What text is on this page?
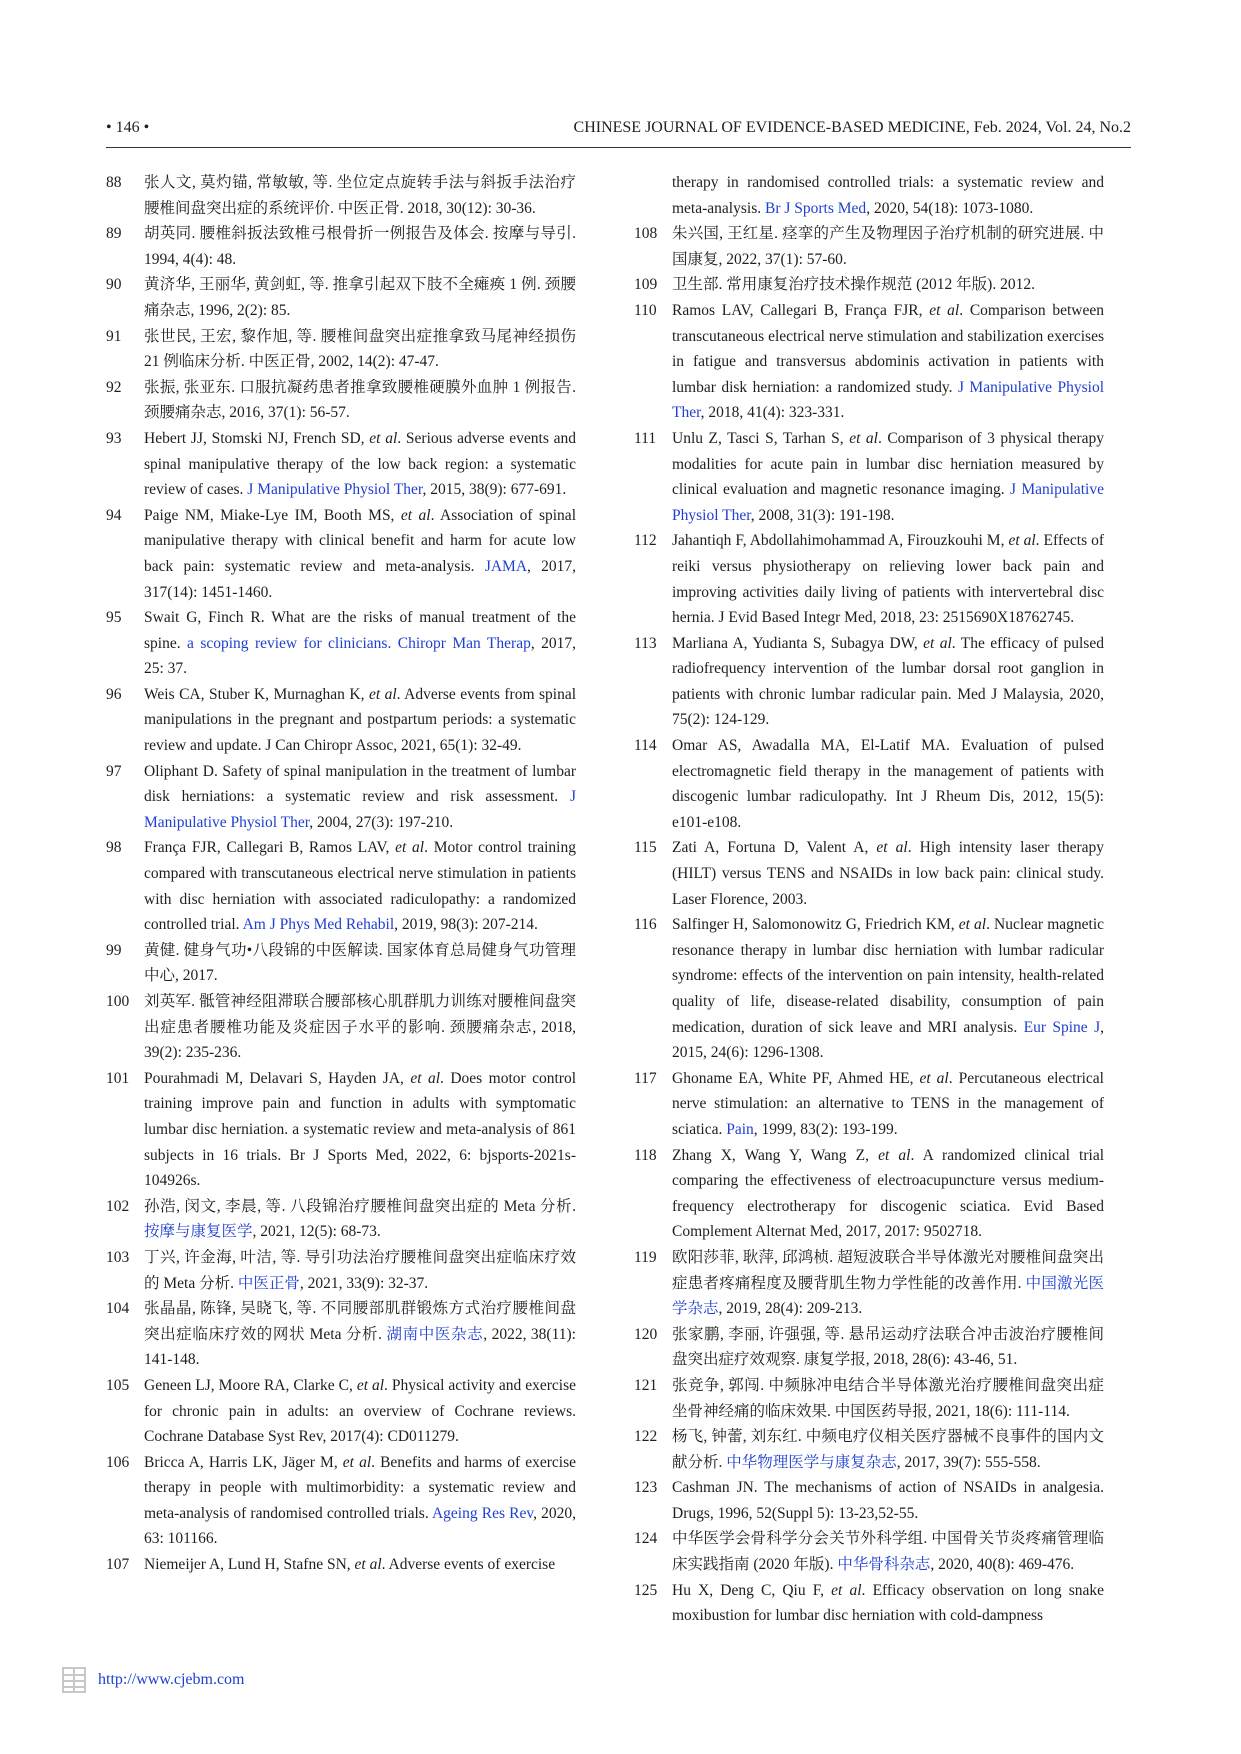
• 146 •	CHINESE JOURNAL OF EVIDENCE-BASED MEDICINE, Feb. 2024, Vol. 24, No.2
88 张人文, 莫灼锚, 常敏敏, 等. 坐位定点旋转手法与斜扳手法治疗腰椎间盘突出症的系统评价. 中医正骨. 2018, 30(12): 30-36.
89 胡英同. 腰椎斜扳法致椎弓根骨折一例报告及体会. 按摩与导引. 1994, 4(4): 48.
90 黄济华, 王丽华, 黄剑虹, 等. 推拿引起双下肢不全瘫痪 1 例. 颈腰痛杂志, 1996, 2(2): 85.
91 张世民, 王宏, 黎作旭, 等. 腰椎间盘突出症推拿致马尾神经损伤 21 例临床分析. 中医正骨, 2002, 14(2): 47-47.
92 张振, 张亚东. 口服抗凝药患者推拿致腰椎硬膜外血肿 1 例报告. 颈腰痛杂志, 2016, 37(1): 56-57.
93 Hebert JJ, Stomski NJ, French SD, et al. Serious adverse events and spinal manipulative therapy of the low back region: a systematic review of cases. J Manipulative Physiol Ther, 2015, 38(9): 677-691.
94 Paige NM, Miake-Lye IM, Booth MS, et al. Association of spinal manipulative therapy with clinical benefit and harm for acute low back pain: systematic review and meta-analysis. JAMA, 2017, 317(14): 1451-1460.
95 Swait G, Finch R. What are the risks of manual treatment of the spine. a scoping review for clinicians. Chiropr Man Therap, 2017, 25: 37.
96 Weis CA, Stuber K, Murnaghan K, et al. Adverse events from spinal manipulations in the pregnant and postpartum periods: a systematic review and update. J Can Chiropr Assoc, 2021, 65(1): 32-49.
97 Oliphant D. Safety of spinal manipulation in the treatment of lumbar disk herniations: a systematic review and risk assessment. J Manipulative Physiol Ther, 2004, 27(3): 197-210.
98 França FJR, Callegari B, Ramos LAV, et al. Motor control training compared with transcutaneous electrical nerve stimulation in patients with disc herniation with associated radiculopathy: a randomized controlled trial. Am J Phys Med Rehabil, 2019, 98(3): 207-214.
99 黄健. 健身气功•八段锦的中医解读. 国家体育总局健身气功管理中心, 2017.
100 刘英军. 骶管神经阻滞联合腰部核心肌群肌力训练对腰椎间盘突出症患者腰椎功能及炎症因子水平的影响. 颈腰痛杂志, 2018, 39(2): 235-236.
101 Pourahmadi M, Delavari S, Hayden JA, et al. Does motor control training improve pain and function in adults with symptomatic lumbar disc herniation. a systematic review and meta-analysis of 861 subjects in 16 trials. Br J Sports Med, 2022, 6: bjsports-2021s-104926s.
102 孙浩, 闵文, 李晨, 等. 八段锦治疗腰椎间盘突出症的 Meta 分析. 按摩与康复医学, 2021, 12(5): 68-73.
103 丁兴, 许金海, 叶洁, 等. 导引功法治疗腰椎间盘突出症临床疗效的 Meta 分析. 中医正骨, 2021, 33(9): 32-37.
104 张晶晶, 陈锋, 吴晓飞, 等. 不同腰部肌群锻炼方式治疗腰椎间盘突出症临床疗效的网状 Meta 分析. 湖南中医杂志, 2022, 38(11): 141-148.
105 Geneen LJ, Moore RA, Clarke C, et al. Physical activity and exercise for chronic pain in adults: an overview of Cochrane reviews. Cochrane Database Syst Rev, 2017(4): CD011279.
106 Bricca A, Harris LK, Jäger M, et al. Benefits and harms of exercise therapy in people with multimorbidity: a systematic review and meta-analysis of randomised controlled trials. Ageing Res Rev, 2020, 63: 101166.
107 Niemeijer A, Lund H, Stafne SN, et al. Adverse events of exercise
therapy in randomised controlled trials: a systematic review and meta-analysis. Br J Sports Med, 2020, 54(18): 1073-1080.
108 朱兴国, 王红星. 痉挛的产生及物理因子治疗机制的研究进展. 中国康复, 2022, 37(1): 57-60.
109 卫生部. 常用康复治疗技术操作规范 (2012 年版). 2012.
110 Ramos LAV, Callegari B, França FJR, et al. Comparison between transcutaneous electrical nerve stimulation and stabilization exercises in fatigue and transversus abdominis activation in patients with lumbar disk herniation: a randomized study. J Manipulative Physiol Ther, 2018, 41(4): 323-331.
111 Unlu Z, Tasci S, Tarhan S, et al. Comparison of 3 physical therapy modalities for acute pain in lumbar disc herniation measured by clinical evaluation and magnetic resonance imaging. J Manipulative Physiol Ther, 2008, 31(3): 191-198.
112 Jahantiqh F, Abdollahimohammad A, Firouzkouhi M, et al. Effects of reiki versus physiotherapy on relieving lower back pain and improving activities daily living of patients with intervertebral disc hernia. J Evid Based Integr Med, 2018, 23: 2515690X18762745.
113 Marliana A, Yudianta S, Subagya DW, et al. The efficacy of pulsed radiofrequency intervention of the lumbar dorsal root ganglion in patients with chronic lumbar radicular pain. Med J Malaysia, 2020, 75(2): 124-129.
114 Omar AS, Awadalla MA, El-Latif MA. Evaluation of pulsed electromagnetic field therapy in the management of patients with discogenic lumbar radiculopathy. Int J Rheum Dis, 2012, 15(5): e101-e108.
115 Zati A, Fortuna D, Valent A, et al. High intensity laser therapy (HILT) versus TENS and NSAIDs in low back pain: clinical study. Laser Florence, 2003.
116 Salfinger H, Salomonowitz G, Friedrich KM, et al. Nuclear magnetic resonance therapy in lumbar disc herniation with lumbar radicular syndrome: effects of the intervention on pain intensity, health-related quality of life, disease-related disability, consumption of pain medication, duration of sick leave and MRI analysis. Eur Spine J, 2015, 24(6): 1296-1308.
117 Ghoname EA, White PF, Ahmed HE, et al. Percutaneous electrical nerve stimulation: an alternative to TENS in the management of sciatica. Pain, 1999, 83(2): 193-199.
118 Zhang X, Wang Y, Wang Z, et al. A randomized clinical trial comparing the effectiveness of electroacupuncture versus medium-frequency electrotherapy for discogenic sciatica. Evid Based Complement Alternat Med, 2017, 2017: 9502718.
119 欧阳莎菲, 耿萍, 邱鸿桢. 超短波联合半导体激光对腰椎间盘突出症患者疼痛程度及腰背肌生物力学性能的改善作用. 中国激光医学杂志, 2019, 28(4): 209-213.
120 张家鹏, 李丽, 许强强, 等. 悬吊运动疗法联合冲击波治疗腰椎间盘突出症疗效观察. 康复学报, 2018, 28(6): 43-46, 51.
121 张竞争, 郭闯. 中频脉冲电结合半导体激光治疗腰椎间盘突出症坐骨神经痛的临床效果. 中国医药导报, 2021, 18(6): 111-114.
122 杨飞, 钟蕾, 刘东红. 中频电疗仪相关医疗器械不良事件的国内文献分析. 中华物理医学与康复杂志, 2017, 39(7): 555-558.
123 Cashman JN. The mechanisms of action of NSAIDs in analgesia. Drugs, 1996, 52(Suppl 5): 13-23,52-55.
124 中华医学会骨科学分会关节外科学组. 中国骨关节炎疼痛管理临床实践指南 (2020 年版). 中华骨科杂志, 2020, 40(8): 469-476.
125 Hu X, Deng C, Qiu F, et al. Efficacy observation on long snake moxibustion for lumbar disc herniation with cold-dampness
http://www.cjebm.com
